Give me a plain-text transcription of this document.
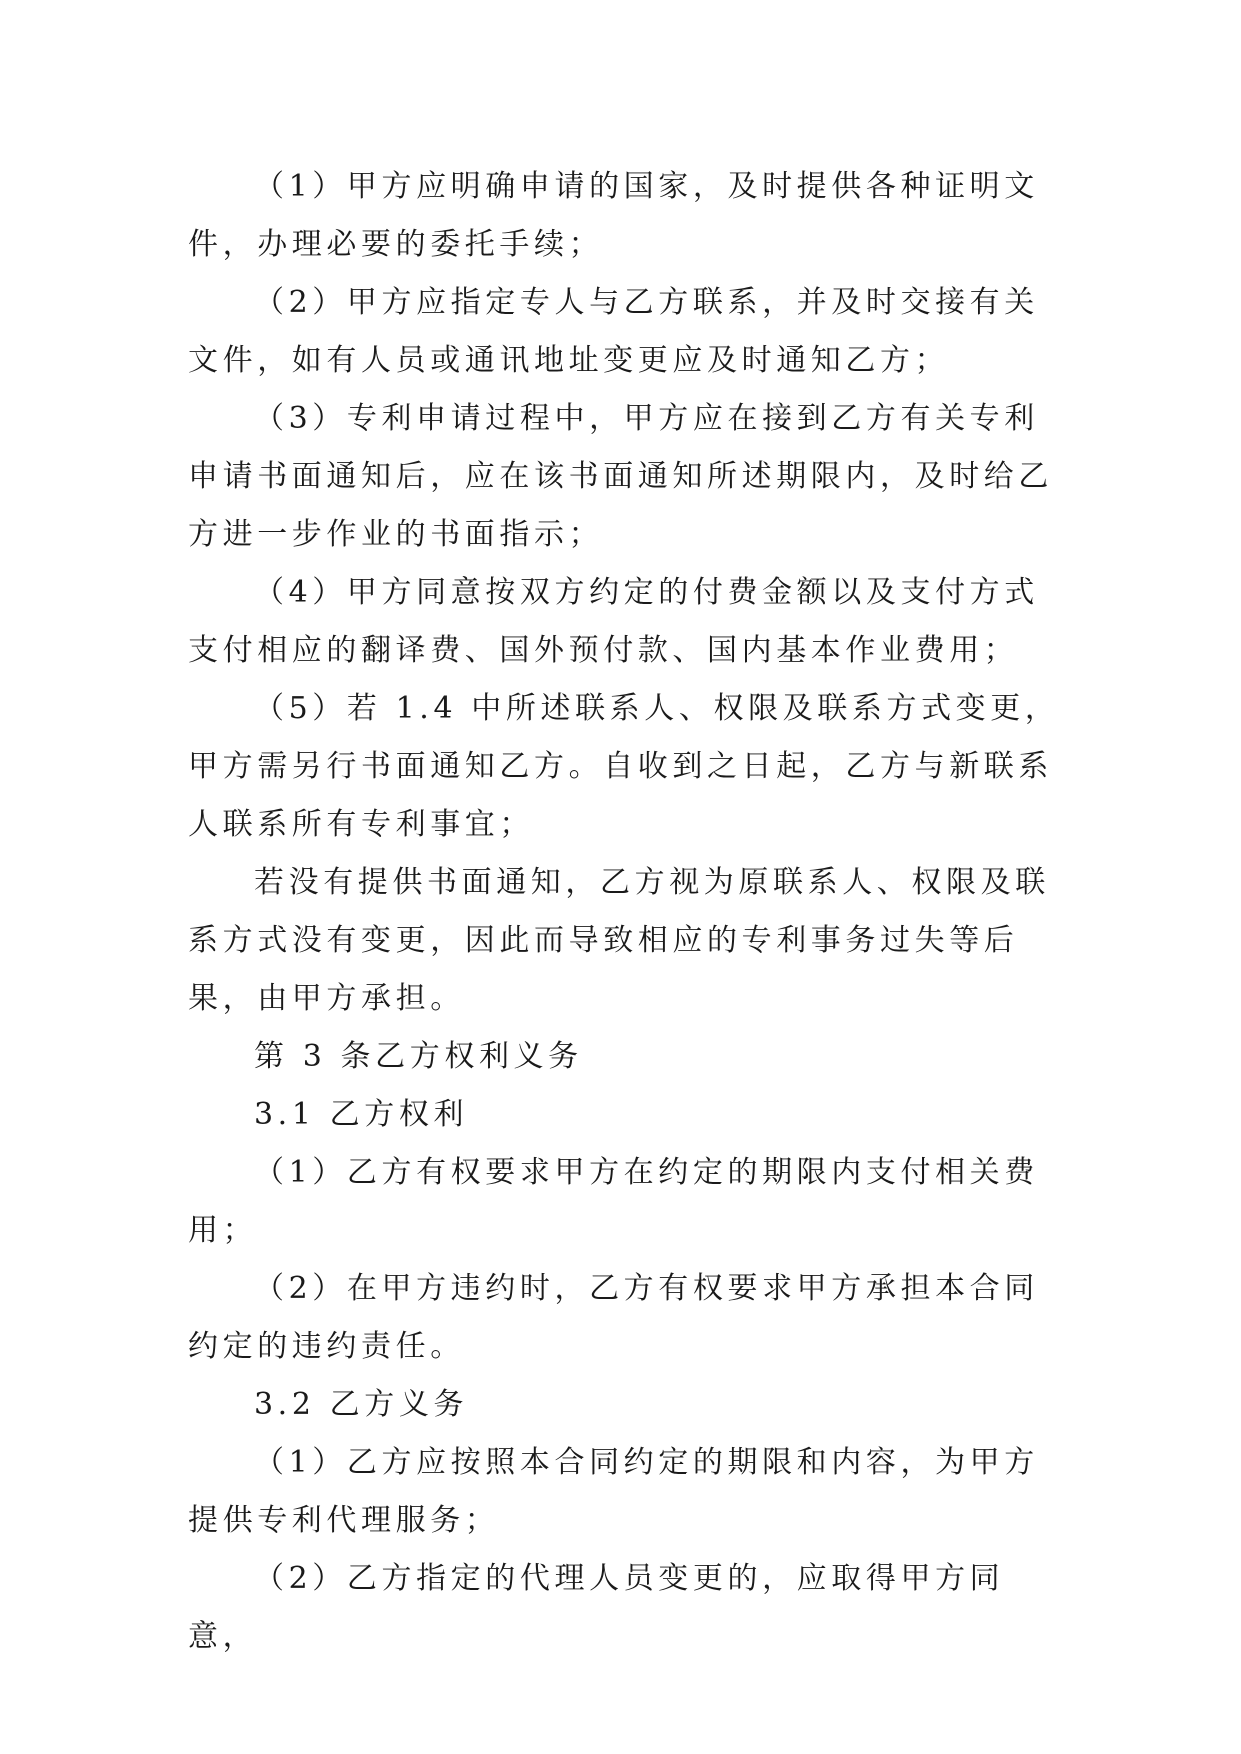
（1）甲方应明确申请的国家，及时提供各种证明文件，办理必要的委托手续；

（2）甲方应指定专人与乙方联系，并及时交接有关文件，如有人员或通讯地址变更应及时通知乙方；

（3）专利申请过程中，甲方应在接到乙方有关专利申请书面通知后，应在该书面通知所述期限内，及时给乙方进一步作业的书面指示；

（4）甲方同意按双方约定的付费金额以及支付方式支付相应的翻译费、国外预付款、国内基本作业费用；

（5）若 1.4 中所述联系人、权限及联系方式变更，甲方需另行书面通知乙方。自收到之日起，乙方与新联系人联系所有专利事宜；

若没有提供书面通知，乙方视为原联系人、权限及联系方式没有变更，因此而导致相应的专利事务过失等后果，由甲方承担。

第 3 条乙方权利义务

3.1 乙方权利

（1）乙方有权要求甲方在约定的期限内支付相关费用；

（2）在甲方违约时，乙方有权要求甲方承担本合同约定的违约责任。

3.2 乙方义务

（1）乙方应按照本合同约定的期限和内容，为甲方提供专利代理服务；

（2）乙方指定的代理人员变更的，应取得甲方同意，
